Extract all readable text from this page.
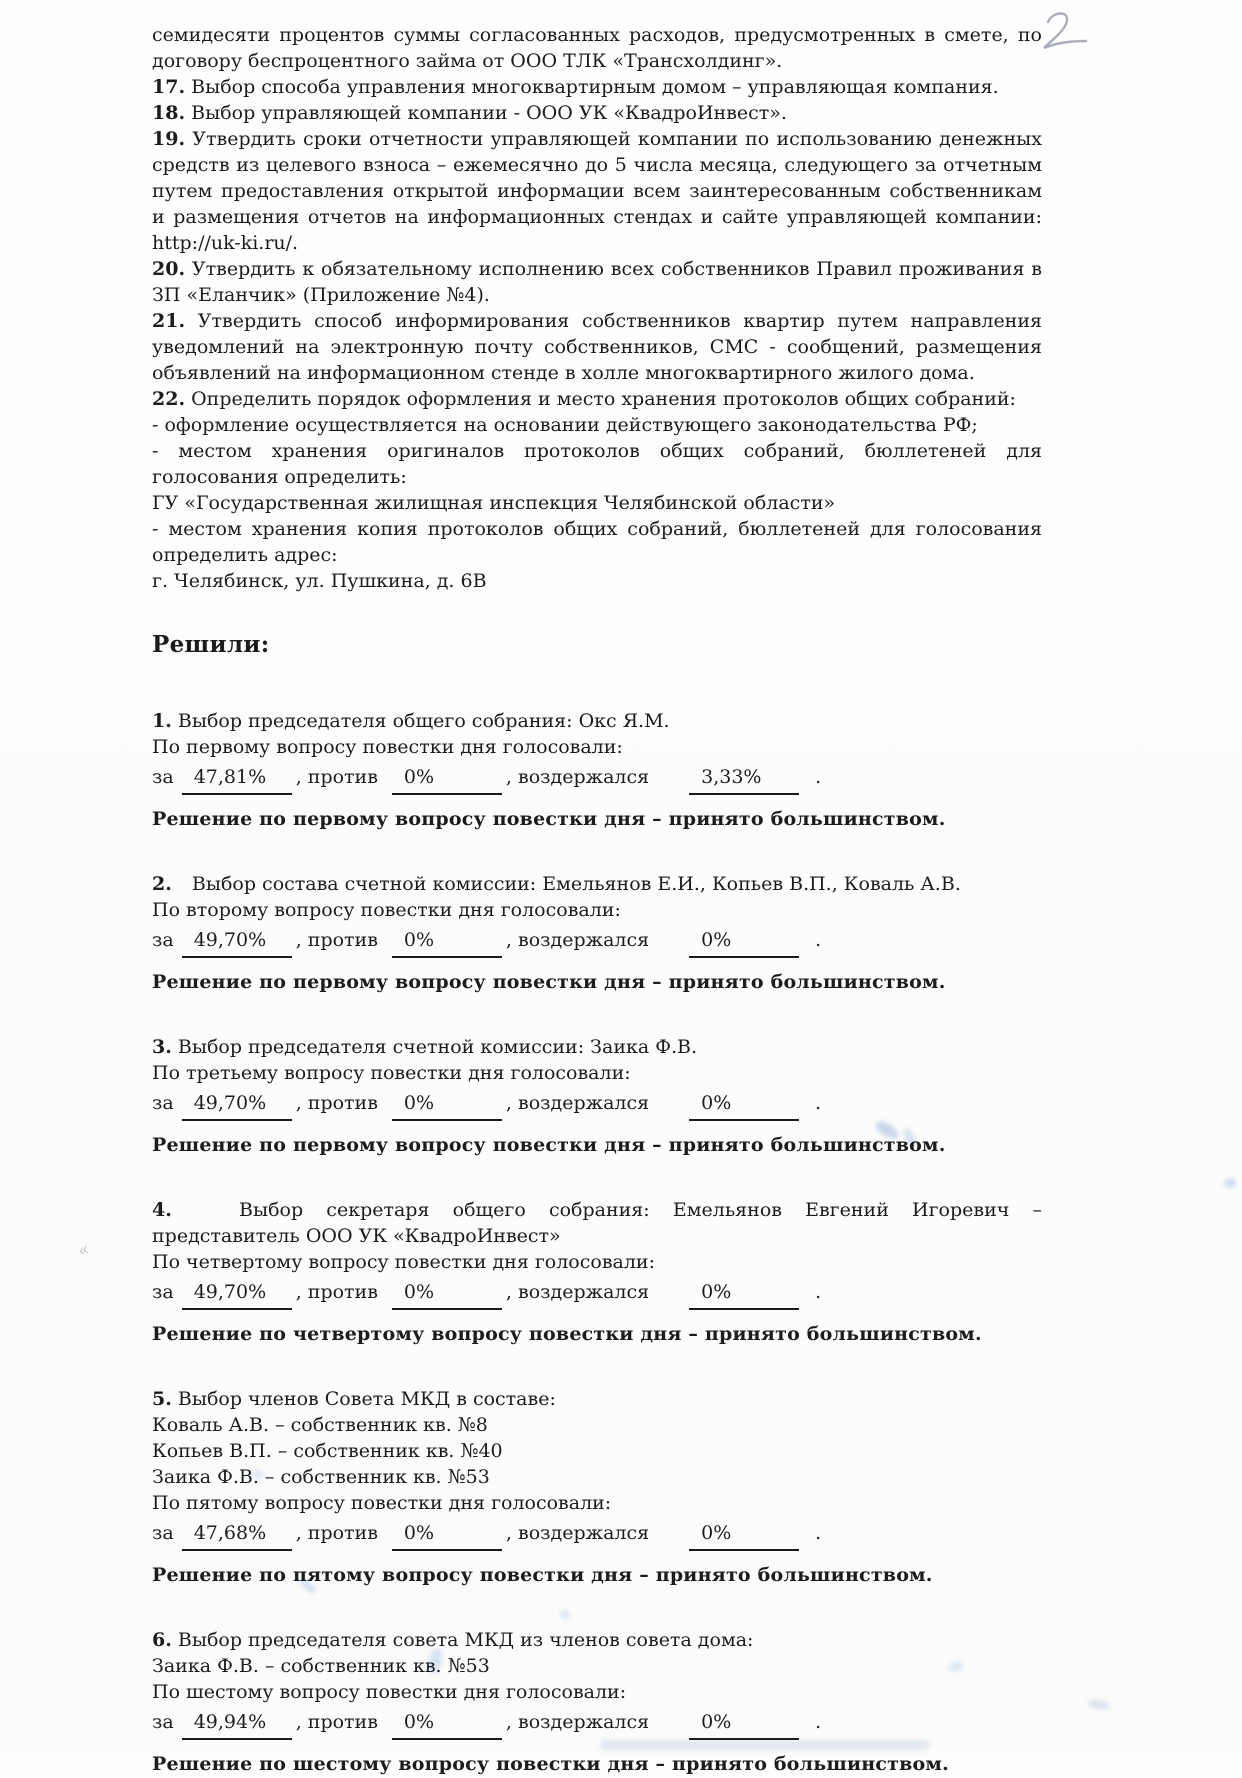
«

семидесяти процентов суммы согласованных расходов, предусмотренных в смете, по договору беспроцентного займа от ООО ТЛК «Трансхолдинг».

17. Выбор способа управления многоквартирным домом – управляющая компания.

18. Выбор управляющей компании - ООО УК «КвадроИнвест».

19. Утвердить сроки отчетности управляющей компании по использованию денежных средств из целевого взноса – ежемесячно до 5 числа месяца, следующего за отчетным путем предоставления открытой информации всем заинтересованным собственникам и размещения отчетов на информационных стендах и сайте управляющей компании: http://uk-ki.ru/.

20. Утвердить к обязательному исполнению всех собственников Правил проживания в ЗП «Еланчик» (Приложение №4).

21. Утвердить способ информирования собственников квартир путем направления уведомлений на электронную почту собственников, СМС - сообщений, размещения объявлений на информационном стенде в холле многоквартирного жилого дома.

22. Определить порядок оформления и место хранения протоколов общих собраний:

- оформление осуществляется на основании действующего законодательства РФ;

- местом хранения оригиналов протоколов общих собраний, бюллетеней для голосования определить:

ГУ «Государственная жилищная инспекция Челябинской области»

- местом хранения копия протоколов общих собраний, бюллетеней для голосования определить адрес:

г. Челябинск, ул. Пушкина, д. 6В

Решили:

1. Выбор председателя общего собрания: Окс Я.М.

По первому вопросу повестки дня голосовали:
за 47,81% , против 0%	, воздержался	3,33%	.
Решение по первому вопросу повестки дня – принято большинством.

2. Выбор состава счетной комиссии: Емельянов Е.И., Копьев В.П., Коваль А.В.

По второму вопросу повестки дня голосовали:
за 49,70% , против 0%	, воздержался	0%	.
Решение по первому вопросу повестки дня – принято большинством.

3. Выбор председателя счетной комиссии: Заика Ф.В.

По третьему вопросу повестки дня голосовали:
за 49,70% , против 0%	, воздержался	0%	.
Решение по первому вопросу повестки дня – принято большинством.

4.	Выбор секретаря общего собрания: Емельянов Евгений Игоревич – представитель ООО УК «КвадроИнвест»

По четвертому вопросу повестки дня голосовали:
за 49,70% , против 0%	, воздержался	0%	.
Решение по четвертому вопросу повестки дня – принято большинством.

5. Выбор членов Совета МКД в составе:

Коваль А.В. – собственник кв. №8
Копьев В.П. – собственник кв. №40
Заика Ф.В. – собственник кв. №53
По пятому вопросу повестки дня голосовали:
за 47,68% , против 0%	, воздержался	0%	.
Решение по пятому вопросу повестки дня – принято большинством.

6. Выбор председателя совета МКД из членов совета дома:

Заика Ф.В. – собственник кв. №53
По шестому вопросу повестки дня голосовали:
за 49,94% , против 0%	, воздержался	0%	.
Решение по шестому вопросу повестки дня – принято большинством.
